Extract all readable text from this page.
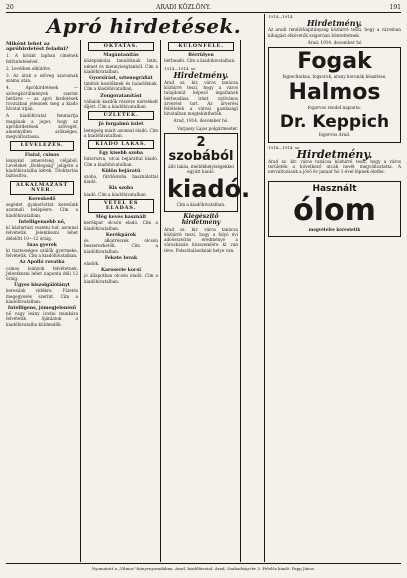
20	ARADI KÖZLÖNY.	191
Apró hirdetések.
Miként lehet az apróhirdetést feladni?

1. A kívánt lapban címének feltüntetésével.

2. Levélben elküldve.

3. Az árak a szöveg szavainak száma után.

4. Apróhirdetések — szövegkörülmények szerint betűzve — az apró hirdetések rovatában jelennek meg a kiadó hivatal útján.

A kiadóhivatal fenntartja magának a jogot, hogy az apróhirdetések szövegét, amennyiben szükséges, megváltoztassa.

LEVELEZÉS.
Fiatal, csinos

leánykát ismeretség céljából. Leveleket „Boldogság” jeligére a kiadóhivatalba kérek. Titoktartás biztosítva.

ALKALMAZÁST NYER.
Kereskedő

segédet gyakorlottat keresünk azonnali belépésre. Cím a kiadóhivatalban.

Intelligensebb nő,

ki háztartást vezetni tud, azonnal felvétetik. Jelentkezni lehet délelőtt 10—12 óráig.

Inas gyerek

ki tisztességes szülők gyermeke, felvétetik. Cím a kiadóhivatalban.

Az Apolló rovatba

csinos leányok felvétetnek. Jelentkezni lehet naponta déli 12 óráig.

Ügyes kiszolgálólányt

keresünk vidékre. Fizetés megegyezés szerint. Cím a kiadóhivatalban.

Intelligens, jómegjelenésű

nő vagy leány irodai munkára felvétetik. Ajánlatok a kiadóhivatalba küldendők.

OKTATÁS.
Magántanítás

középiskolai tanulóknak latin, német és mennyiségtanból. Cím a kiadóhivatalban.

Gyorsírást, sztenográfiát

tanítok kezdőknek és haladóknak. Cím a kiadóhivatalban.

Zongoratanítást

vállalok kezdők részére mérsékelt díjért. Cím a kiadóhivatalban.

ÜZLETEK.
Jó forgalmú üzlet

betegség miatt azonnal eladó. Cím a kiadóhivatalban.

KIADÓ LAKÁS.
Egy kisebb szoba

bútorozva, utcai bejárattal kiadó. Cím a kiadóhivatalban.

Külön bejáratú

szoba, fürdőszoba használattal kiadó.

Kis szoba

kiadó. Cím a kiadóhivatalban.

VÉTEL ÉS ELADÁS.
Még kevés használt

kerékpár olcsón eladó. Cím a kiadóhivatalban.

Kerékpárok

és alkatrészek olcsón beszerezhetők. Cím a kiadóhivatalban.

Fekete lovak

eladók.

Karoserie kocsi

jó állapotban olcsón eladó. Cím a kiadóhivatalban.

KÜLÖNFÉLE.
Bérrülyen

bérbeadó. Cím a kiadóhivatalban.

1914—1914. sz.

Hirdetmény.

Arad sz. kir. város tanácsa közhírré teszi, hogy a város tulajdonát képező ingatlanok bérbeadása iránt nyilvános árverést tart. Az árverési feltételek a városi gazdasági hivatalban megtekinthetők.

Arad, 1914. december hó.

Varjassy Lajos polgármester.

2 szobából

álló lakás, mellékhelyiségekkel együtt kiadó.

kiadó.

Cím a kiadóhivatalban.

Kiegészítő hirdetmény

Arad sz. kir. város tanácsa közhírré teszi, hogy a folyó évi adóösszeírás eredménye a városházán közszemlére ki van téve. Felszólalásoknak helye van.

1914—1914.

Hirdetmény.

Az aradi rendőrkapitányság közhírré teszi, hogy a városban kihágást elkövetők szigorúan büntettetnek.

Arad, 1914. december hó

Fogak

fogtechnikus, fogsorok, arany koronák készítése.

Halmos

fogorvos rendel naponta.

Dr. Keppich

fogorvos Arad.

1914—1914. sz.

Hirdetmény.

Arad sz. kir. város tanácsa közhírré teszi, hogy a város területén a következő utcák nevét megváltoztatta. A névváltozások a jövő év január hó 1-ével lépnek életbe.

Használt
ólom

megvételre kerestetik

Nyomatott a „Vilmos”-könyvnyomdában, Arad, kiadóhivatal: Arad, Szabadság-tér 3. Felelős kiadó: Papp János.
